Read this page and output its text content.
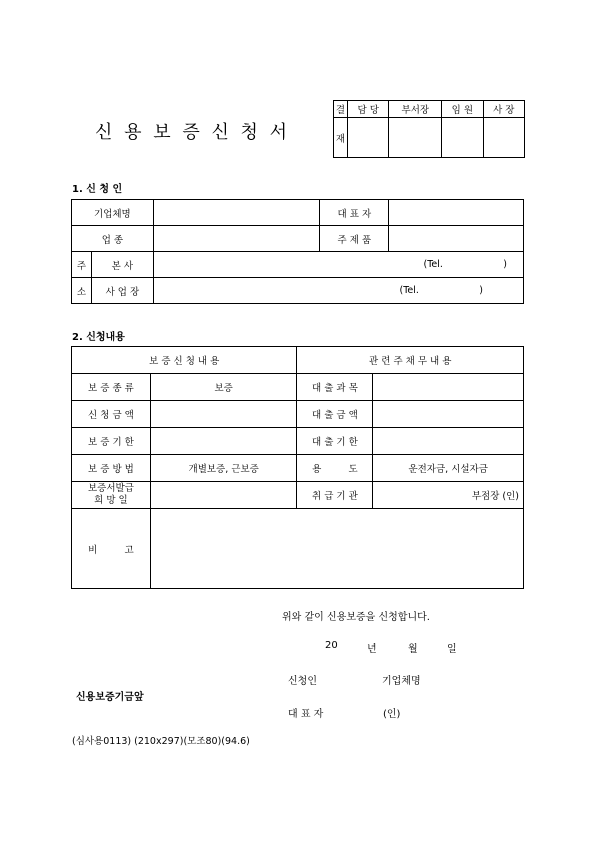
신 용 보 증 신 청 서
결	담 당	부서장	임 원	사 장
재				
1. 신 청 인
기업체명			대 표 자	
업 종			주 제 품	
주	본 사	(Tel.                    )		
소	사 업 장	(Tel.                    )		
2. 신청내용
보 증 신 청 내 용		관 련 주 채 무 내 용	
보 증 종 류	보증	대 출 과 목	
신 청 금 액		대 출 금 액	
보 증 기 한		대 출 기 한	
보 증 방 법	개별보증, 근보증	용         도	운전자금, 시설자금

보증서발급
희 망 일		취 급 기 관	부점장 (인)
비         고			
위와 같이 신용보증을 신청합니다.
20	년	월	일
신청인	기업체명
신용보증기금앞
대 표 자	(인)
(심사용0113) (210x297)(모조80)(94.6)
